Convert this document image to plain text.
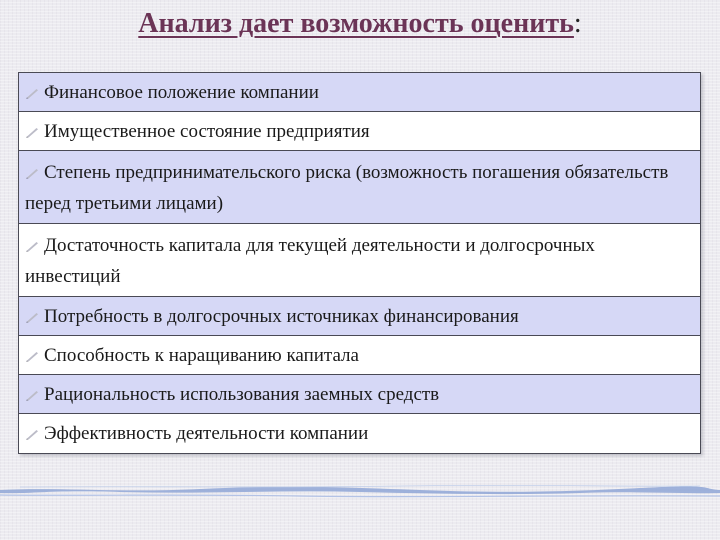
Анализ дает возможность оценить:
Финансовое положение компании
Имущественное состояние предприятия
Степень предпринимательского риска (возможность погашения обязательств перед третьими лицами)
Достаточность капитала для текущей деятельности и долгосрочных инвестиций
Потребность в долгосрочных источниках финансирования
Способность к наращиванию капитала
Рациональность использования заемных средств
Эффективность деятельности компании
